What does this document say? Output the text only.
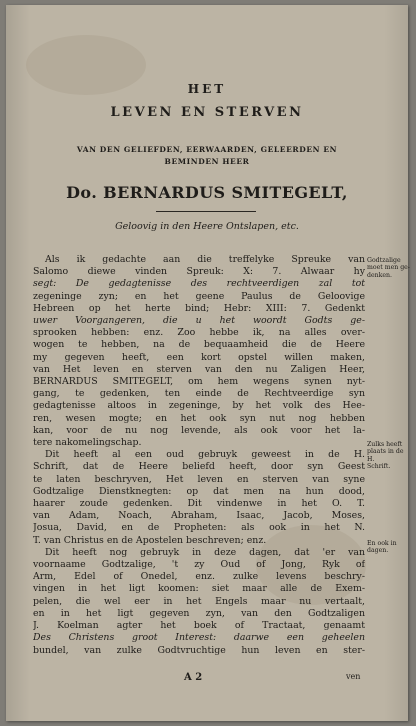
HET
LEVEN EN STERVEN
VAN DEN GELIEFDEN, EERWAARDEN, GELEERDEN EN
BEMINDEN HEER
Do. BERNARDUS SMITEGELT,
Geloovig in den Heere Ontslapen, etc.
Als ik gedachte aan die treffelyke Spreuke van
Salomo diewe vinden Spreuk: X: 7. Alwaar hy
segt: De gedagtenisse des rechtveerdigen zal tot
zegeninge zyn; en het geene Paulus de Geloovige
Hebreen op het herte bind; Hebr: XIII: 7. Gedenkt
uwer Voorgangeren, die u het woordt Godts ge-
sprooken hebben: enz. Zoo hebbe ik, na alles over-
wogen te hebben, na de bequaamheid die de Heere
my gegeven heeft, een kort opstel willen maken,
van Het leven en sterven van den nu Zaligen Heer,
BERNARDUS SMITEGELT, om hem wegens synen nyt-
gang, te gedenken, ten einde de Rechtveerdige syn
gedagtenisse altoos in zegeninge, by het volk des Hee-
ren, wesen mogte; en het ook syn nut nog hebben
kan, voor de nu nog levende, als ook voor het la-
tere nakomelingschap.
Dit heeft al een oud gebruyk geweest in de H.
Schrift, dat de Heere beliefd heeft, door syn Geest
te laten beschryven, Het leven en sterven van syne
Godtzalige Dienstknegten: op dat men na hun dood,
haarer zoude gedenken. Dit vindenwe in het O. T.
van Adam, Noach, Abraham, Isaac, Jacob, Moses,
Josua, David, en de Propheten: als ook in het N.
T. van Christus en de Apostelen beschreven; enz.
Dit heeft nog gebruyk in deze dagen, dat 'er van
voornaame Godtzalige, 't zy Oud of Jong, Ryk of
Arm, Edel of Onedel, enz. zulke levens beschry-
vingen in het ligt koomen: siet maar alle de Exem-
pelen, die wel eer in het Engels maar nu vertaalt,
en in het ligt gegeven zyn, van den Godtzaligen
J. Koelman agter het boek of Tractaat, genaamt
Des Christens groot Interest: daarwe een geheelen
bundel, van zulke Godtvruchtige hun leven en ster-
Godtzalige
moet men ge-
denken.
Zulks heeft
plaats in de H.
Schrift.
En ook in
dagen.
A 2	ven
